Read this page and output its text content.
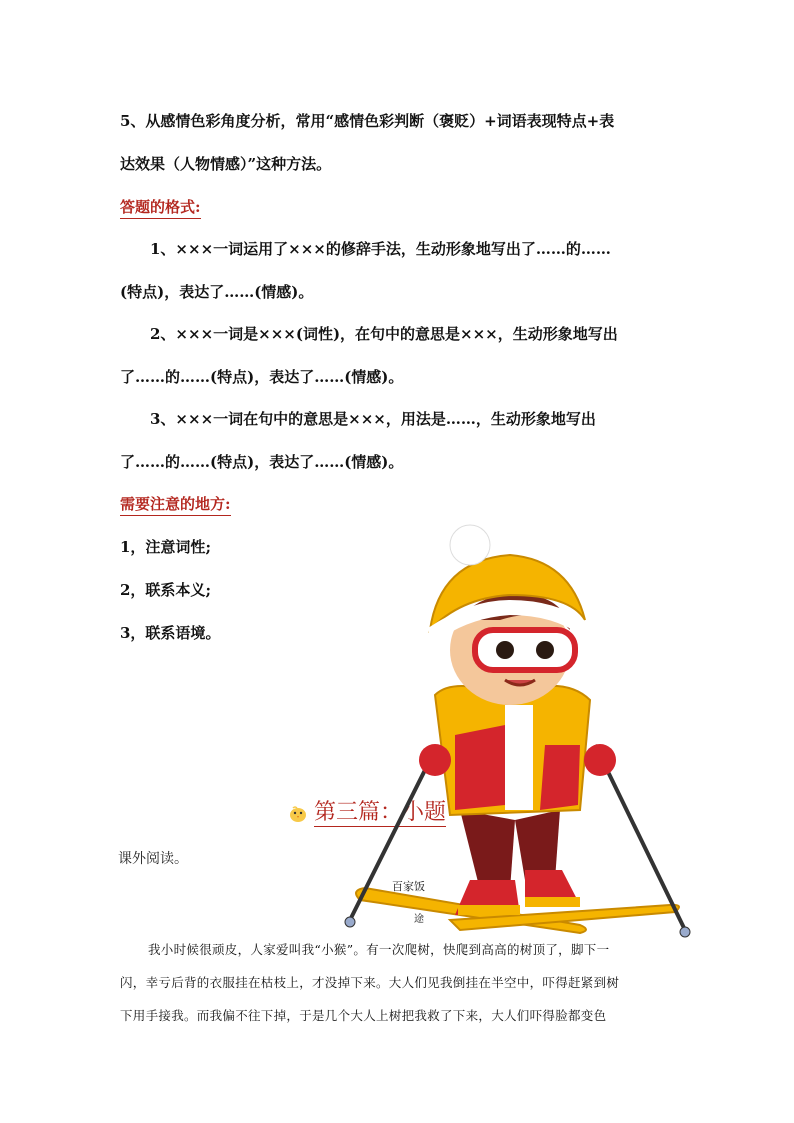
5、从感情色彩角度分析，常用“感情色彩判断（褒贬）+词语表现特点+表
达效果（人物情感）”这种方法。
答题的格式:
1、×××一词运用了×××的修辞手法，生动形象地写出了……的……
(特点)，表达了……(情感)。
2、×××一词是×××(词性)，在句中的意思是×××，生动形象地写出
了……的……(特点)，表达了……(情感)。
3、×××一词在句中的意思是×××，用法是……，生动形象地写出
了……的……(特点)，表达了……(情感)。
需要注意的地方:
1，注意词性;
2，联系本义;
3，联系语境。
第三篇：小题
课外阅读。
百家饭
途
我小时候很顽皮，人家爱叫我“小猴”。有一次爬树，快爬到高高的树顶了，脚下一
闪，幸亏后背的衣服挂在枯枝上，才没掉下来。大人们见我倒挂在半空中，吓得赶紧到树
下用手接我。而我偏不往下掉，于是几个大人上树把我救了下来，大人们吓得脸都变色
